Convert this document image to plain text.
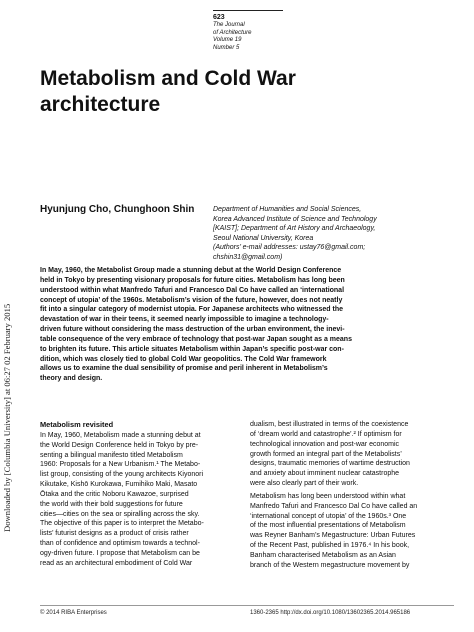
Downloaded by [Columbia University] at 06:27 02 February 2015
623
The Journal
of Architecture
Volume 19
Number 5
Metabolism and Cold War
architecture
Hyunjung Cho, Chunghoon Shin	Department of Humanities and Social Sciences,
Korea Advanced Institute of Science and Technology
[KAIST]; Department of Art History and Archaeology,
Seoul National University, Korea
(Authors’ e-mail addresses: ustay76@gmail.com;
chshin31@gmail.com)
In May, 1960, the Metabolist Group made a stunning debut at the World Design Conference
held in Tokyo by presenting visionary proposals for future cities. Metabolism has long been
understood within what Manfredo Tafuri and Francesco Dal Co have called an ‘international
concept of utopia’ of the 1960s. Metabolism’s vision of the future, however, does not neatly
fit into a singular category of modernist utopia. For Japanese architects who witnessed the
devastation of war in their teens, it seemed nearly impossible to imagine a technology-
driven future without considering the mass destruction of the urban environment, the inevi-
table consequence of the very embrace of technology that post-war Japan sought as a means
to brighten its future. This article situates Metabolism within Japan’s specific post-war con-
dition, which was closely tied to global Cold War geopolitics. The Cold War framework
allows us to examine the dual sensibility of promise and peril inherent in Metabolism’s
theory and design.
Metabolism revisited
In May, 1960, Metabolism made a stunning debut at
the World Design Conference held in Tokyo by pre-
senting a bilingual manifesto titled Metabolism
1960: Proposals for a New Urbanism.¹ The Metabo-
list group, consisting of the young architects Kiyonori
Kikutake, Kishō Kurokawa, Fumihiko Maki, Masato
Ōtaka and the critic Noboru Kawazoe, surprised
the world with their bold suggestions for future
cities—cities on the sea or spiralling across the sky.
The objective of this paper is to interpret the Metabo-
lists’ futurist designs as a product of crisis rather
than of confidence and optimism towards a technol-
ogy-driven future. I propose that Metabolism can be
read as an architectural embodiment of Cold War
dualism, best illustrated in terms of the coexistence
of ‘dream world and catastrophe’.² If optimism for
technological innovation and post-war economic
growth formed an integral part of the Metabolists’
designs, traumatic memories of wartime destruction
and anxiety about imminent nuclear catastrophe
were also clearly part of their work.
Metabolism has long been understood within what
Manfredo Tafuri and Francesco Dal Co have called an
‘international concept of utopia’ of the 1960s.³ One
of the most influential presentations of Metabolism
was Reyner Banham’s Megastructure: Urban Futures
of the Recent Past, published in 1976.⁴ In his book,
Banham characterised Metabolism as an Asian
branch of the Western megastructure movement by
© 2014 RIBA Enterprises	1360-2365 http://dx.doi.org/10.1080/13602365.2014.965186
